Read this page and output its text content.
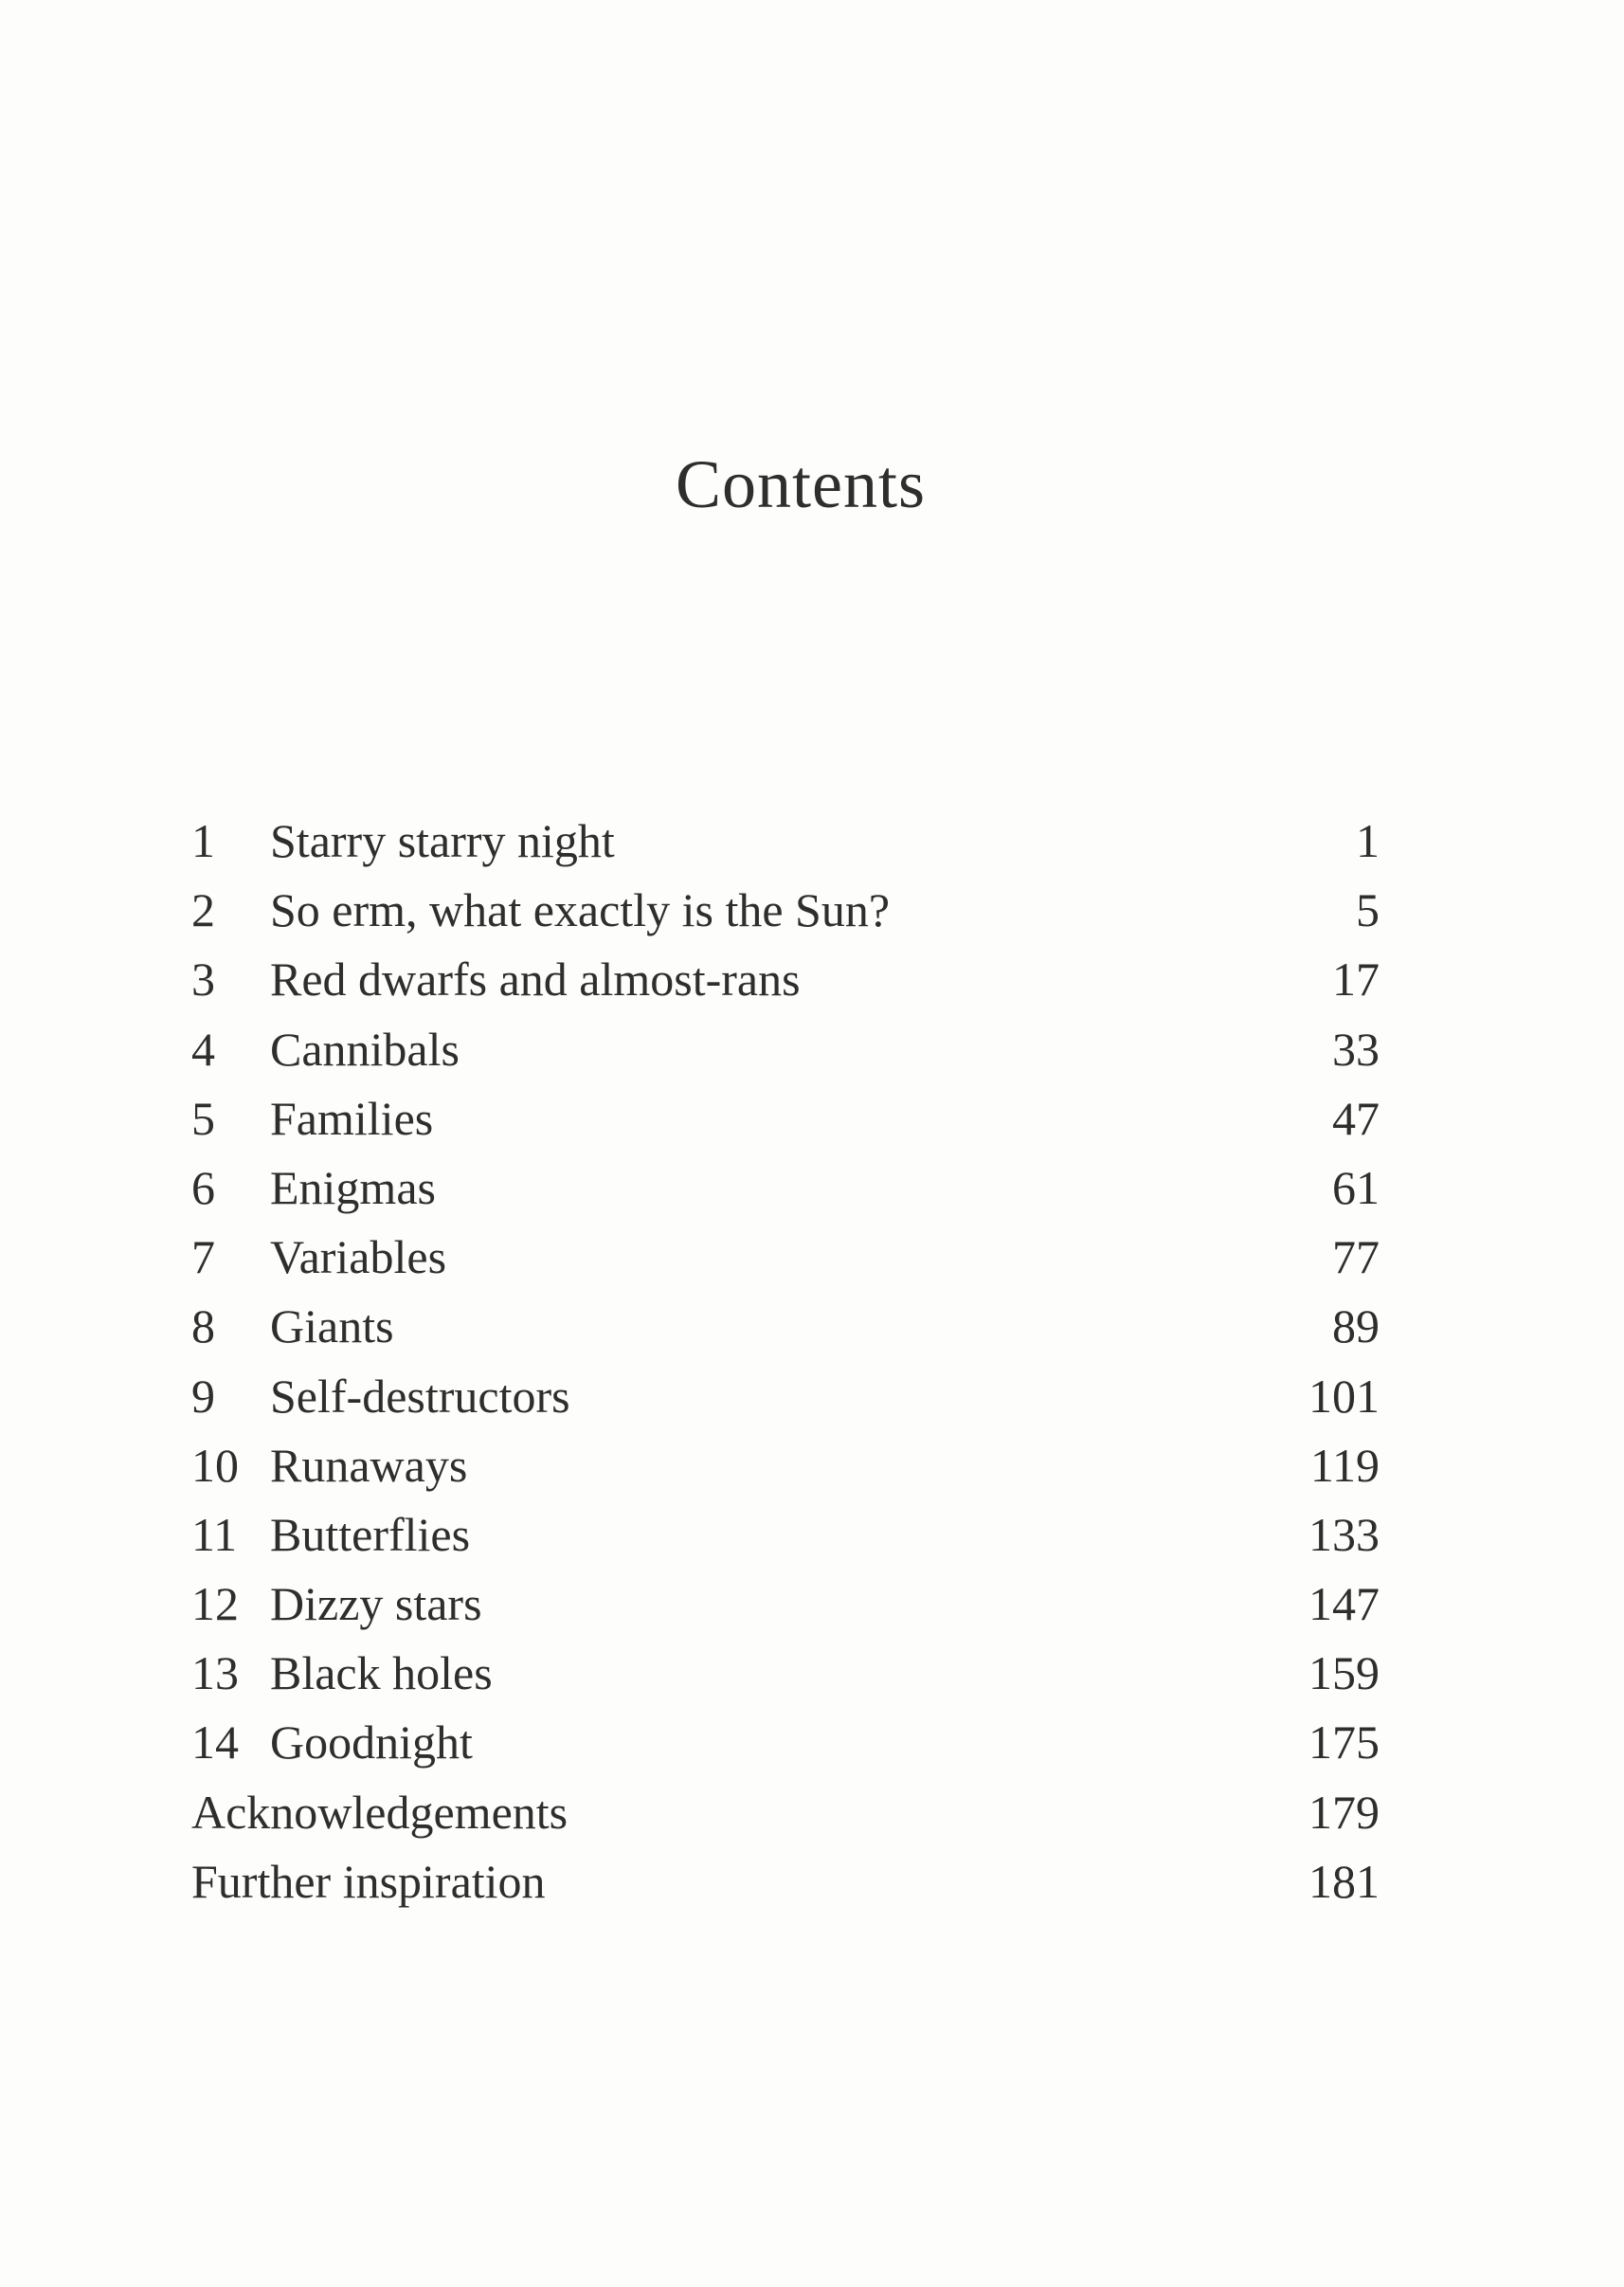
Contents
1	Starry starry night	1
2	So erm, what exactly is the Sun?	5
3	Red dwarfs and almost-rans	17
4	Cannibals	33
5	Families	47
6	Enigmas	61
7	Variables	77
8	Giants	89
9	Self-destructors	101
10 Runaways	119
11 Butterflies	133
12 Dizzy stars	147
13 Black holes	159
14 Goodnight	175
Acknowledgements	179
Further inspiration	181
